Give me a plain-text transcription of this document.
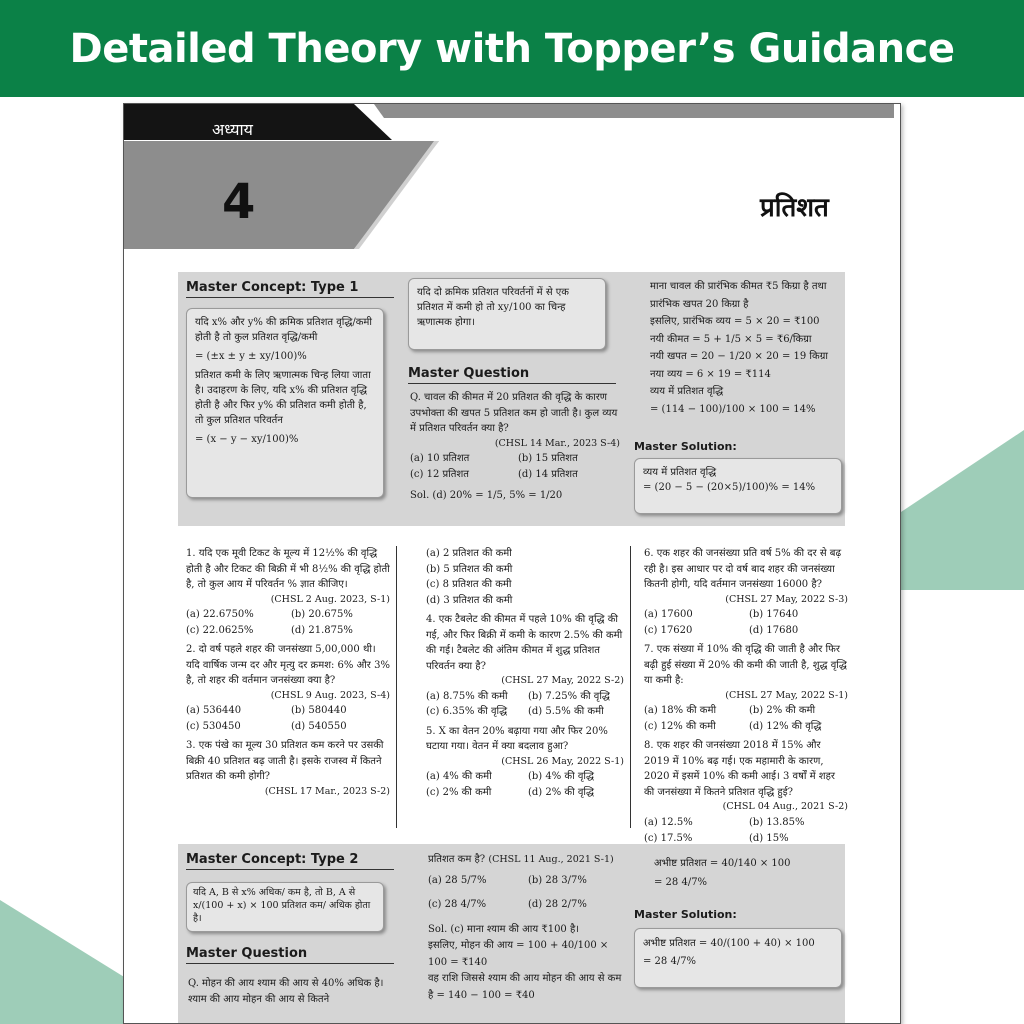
Detailed Theory with Topper’s Guidance
अध्याय
4	प्रतिशत
Master Concept: Type 1
यदि x% और y% की क्रमिक प्रतिशत वृद्धि/कमी होती है तो कुल प्रतिशत वृद्धि/कमी
= (±x ± y ± xy/100)%
प्रतिशत कमी के लिए ऋणात्मक चिन्ह लिया जाता है। उदाहरण के लिए, यदि x% की प्रतिशत वृद्धि होती है और फिर y% की प्रतिशत कमी होती है, तो कुल प्रतिशत परिवर्तन
= (x − y − xy/100)%
यदि दो क्रमिक प्रतिशत परिवर्तनों में से एक प्रतिशत में कमी हो तो xy/100 का चिन्ह ऋणात्मक होगा।
Master Question
Q. चावल की कीमत में 20 प्रतिशत की वृद्धि के कारण उपभोक्ता की खपत 5 प्रतिशत कम हो जाती है। कुल व्यय में प्रतिशत परिवर्तन क्या है?
(CHSL 14 Mar., 2023 S-4)
(a) 10 प्रतिशत	(b) 15 प्रतिशत
(c) 12 प्रतिशत	(d) 14 प्रतिशत
Sol. (d) 20% = 1/5, 5% = 1/20
माना चावल की प्रारंभिक कीमत ₹5 किग्रा है तथा प्रारंभिक खपत 20 किग्रा है
इसलिए, प्रारंभिक व्यय = 5 × 20 = ₹100
नयी कीमत = 5 + 1/5 × 5 = ₹6/किग्रा
नयी खपत = 20 − 1/20 × 20 = 19 किग्रा
नया व्यय = 6 × 19 = ₹114
व्यय में प्रतिशत वृद्धि
= (114 − 100)/100 × 100 = 14%
Master Solution:
व्यय में प्रतिशत वृद्धि
= (20 − 5 − (20×5)/100)% = 14%
1. यदि एक मूवी टिकट के मूल्य में 12½% की वृद्धि होती है और टिकट की बिक्री में भी 8½% की वृद्धि होती है, तो कुल आय में परिवर्तन % ज्ञात कीजिए।
(CHSL 2 Aug. 2023, S-1)
(a) 22.6750%	(b) 20.675%
(c) 22.0625%	(d) 21.875%
2. दो वर्ष पहले शहर की जनसंख्या 5,00,000 थी। यदि वार्षिक जन्म दर और मृत्यु दर क्रमश: 6% और 3% है, तो शहर की वर्तमान जनसंख्या क्या है?
(CHSL 9 Aug. 2023, S-4)
(a) 536440	(b) 580440
(c) 530450	(d) 540550
3. एक पंखे का मूल्य 30 प्रतिशत कम करने पर उसकी बिक्री 40 प्रतिशत बढ़ जाती है। इसके राजस्व में कितने प्रतिशत की कमी होगी?
(CHSL 17 Mar., 2023 S-2)
(a) 2 प्रतिशत की कमी
(b) 5 प्रतिशत की कमी
(c) 8 प्रतिशत की कमी
(d) 3 प्रतिशत की कमी
4. एक टैबलेट की कीमत में पहले 10% की वृद्धि की गई, और फिर बिक्री में कमी के कारण 2.5% की कमी की गई। टैबलेट की अंतिम कीमत में शुद्ध प्रतिशत परिवर्तन क्या है?
(CHSL 27 May, 2022 S-2)
(a) 8.75% की कमी	(b) 7.25% की वृद्धि
(c) 6.35% की वृद्धि	(d) 5.5% की कमी
5. X का वेतन 20% बढ़ाया गया और फिर 20% घटाया गया। वेतन में क्या बदलाव हुआ?
(CHSL 26 May, 2022 S-1)
(a) 4% की कमी	(b) 4% की वृद्धि
(c) 2% की कमी	(d) 2% की वृद्धि
6. एक शहर की जनसंख्या प्रति वर्ष 5% की दर से बढ़ रही है। इस आधार पर दो वर्ष बाद शहर की जनसंख्या कितनी होगी, यदि वर्तमान जनसंख्या 16000 है?
(CHSL 27 May, 2022 S-3)
(a) 17600	(b) 17640
(c) 17620	(d) 17680
7. एक संख्या में 10% की वृद्धि की जाती है और फिर बढ़ी हुई संख्या में 20% की कमी की जाती है, शुद्ध वृद्धि या कमी है:
(CHSL 27 May, 2022 S-1)
(a) 18% की कमी	(b) 2% की कमी
(c) 12% की कमी	(d) 12% की वृद्धि
8. एक शहर की जनसंख्या 2018 में 15% और 2019 में 10% बढ़ गई। एक महामारी के कारण, 2020 में इसमें 10% की कमी आई। 3 वर्षों में शहर की जनसंख्या में कितने प्रतिशत वृद्धि हुई?
(CHSL 04 Aug., 2021 S-2)
(a) 12.5%	(b) 13.85%
(c) 17.5%	(d) 15%
Master Concept: Type 2
यदि A, B से x% अधिक/ कम है, तो B, A से x/(100 + x) × 100 प्रतिशत कम/ अधिक होता है।
Master Question
Q. मोहन की आय श्याम की आय से 40% अधिक है। श्याम की आय मोहन की आय से कितने
प्रतिशत कम है? (CHSL 11 Aug., 2021 S-1)
(a) 28 5/7%	(b) 28 3/7%
(c) 28 4/7%	(d) 28 2/7%
Sol. (c) माना श्याम की आय ₹100 है।
इसलिए, मोहन की आय = 100 + 40/100 × 100 = ₹140
वह राशि जिससे श्याम की आय मोहन की आय से कम है = 140 − 100 = ₹40
अभीष्ट प्रतिशत = 40/140 × 100
= 28 4/7%
Master Solution:
अभीष्ट प्रतिशत = 40/(100 + 40) × 100
= 28 4/7%
